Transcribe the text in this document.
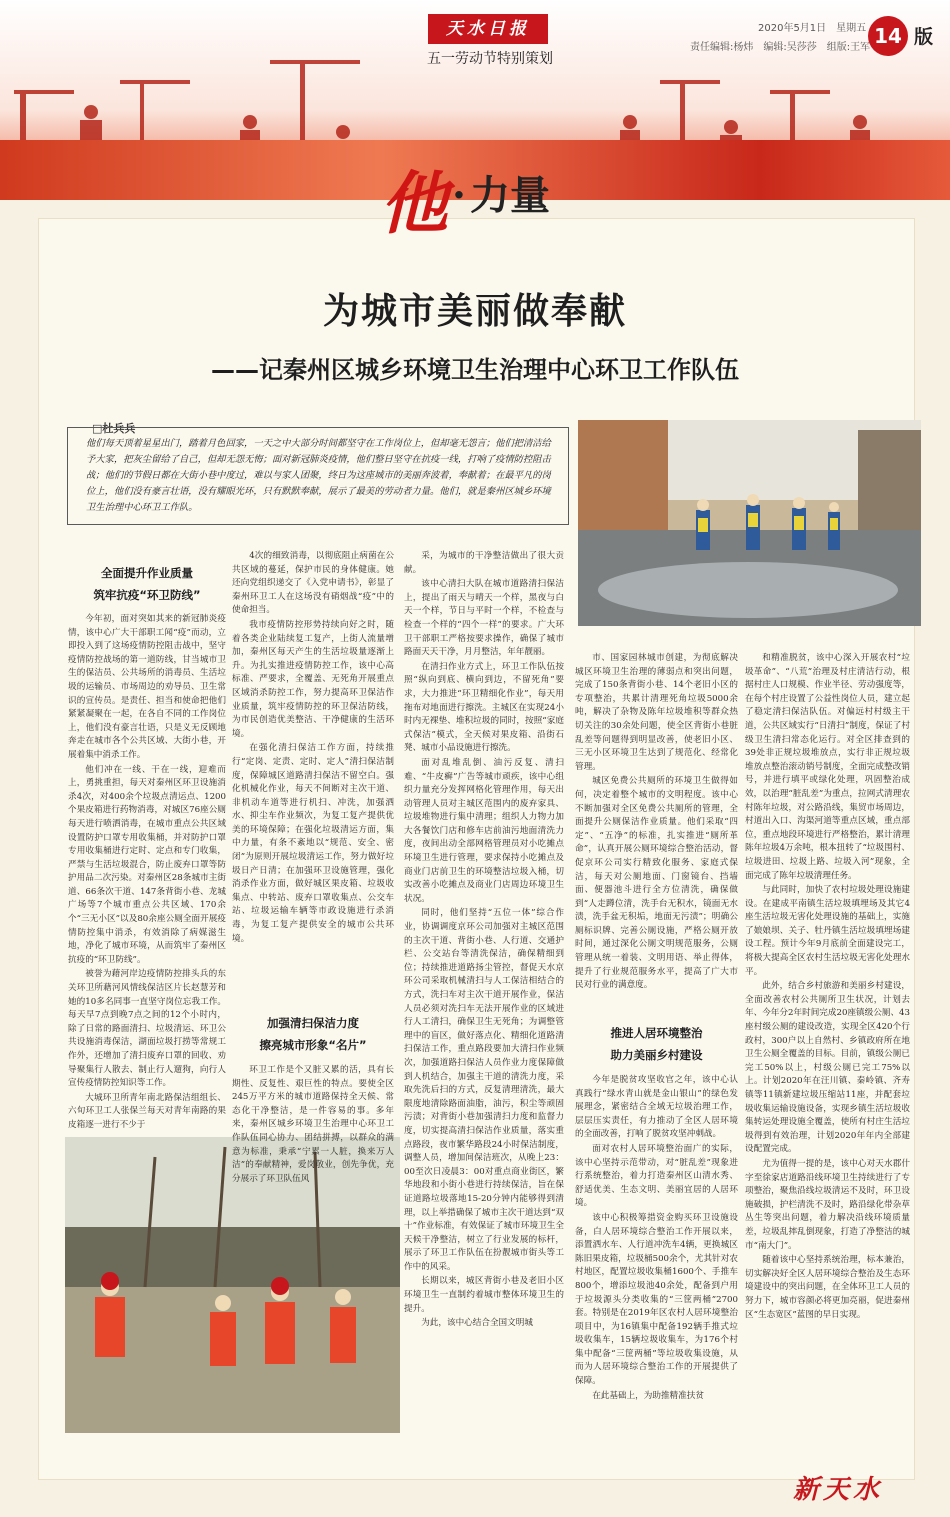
天水日报
五一劳动节特别策划
2020年5月1日　星期五
责任编辑:杨炜　编辑:吴莎莎　组版:王军 14 版
他 · 力量
为城市美丽做奉献
——记秦州区城乡环境卫生治理中心环卫工作队伍
□杜兵兵
他们每天顶着星星出门，踏着月色回家，一天之中大部分时间都坚守在工作岗位上，但却毫无怨言；他们把清洁给予大家，把灰尘留给了自己，但却无怨无悔；面对新冠肺炎疫情，他们整日坚守在抗疫一线，打响了疫情防控阻击战；他们的节假日都在大街小巷中度过，难以与家人团聚，终日为这座城市的美丽奔波着，奉献着；在最平凡的岗位上，他们没有豪言壮语，没有耀眼光环，只有默默奉献，展示了最美的劳动者力量。他们，就是秦州区城乡环境卫生治理中心环卫工作队。
全面提升作业质量
筑牢抗疫“环卫防线”

今年初，面对突如其来的新冠肺炎疫情，该中心广大干部职工闻“疫”而动，立即投入到了这场疫情防控阻击战中，坚守疫情防控战场的第一道防线，甘当城市卫生的保洁员、公共场所的消毒员、生活垃圾的运输员、市场周边的劝导员、卫生常识的宣传员。是责任、担当和使命把他们紧紧凝聚在一起，在各自不同的工作岗位上，他们没有豪言壮语，只是义无反顾地奔走在城市各个公共区域、大街小巷，开展着集中消杀工作。

他们冲在一线、干在一线，迎难而上，勇挑重担，每天对秦州区环卫设施消杀4次，对400余个垃圾点清运点、1200个果皮箱进行药物消毒，对城区76座公厕每天进行喷洒消毒，在城市重点公共区域设置防护口罩专用收集桶，并对防护口罩专用收集桶进行定时、定点和专门收集，严禁与生活垃圾混合，防止废弃口罩等防护用品二次污染。对秦州区28条城市主街道、66条次干道、147条背街小巷、龙城广场等7个城市重点公共区域、170余个“三无小区”以及80余座公厕全面开展疫情防控集中消杀，有效消除了病媒滋生地，净化了城市环境，从而筑牢了秦州区抗疫的“环卫防线”。

被誉为藉河岸边疫情防控排头兵的东关环卫所藉河风情线保洁区片长赵慧芳和她的10多名同事一直坚守岗位忘我工作。每天早7点到晚7点之间的12个小时内，除了日常的路面清扫、垃圾清运、环卫公共设施消毒保洁，湖面垃圾打捞等常规工作外，还增加了清扫废弃口罩的回收、劝导聚集行人散去、制止行人遛狗，向行人宣传疫情防控知识等工作。

大城环卫所青年南北路保洁组组长、六旬环卫工人张保兰每天对青年南路的果皮箱逐一进行不少于

4次的细致消毒，以彻底阻止病菌在公共区域的蔓延，保护市民的身体健康。她还向党组织递交了《入党申请书》，彰显了秦州环卫工人在这场没有硝烟战“疫”中的使命担当。

我市疫情防控形势持续向好之时，随着各类企业陆续复工复产，上街人流量增加，秦州区每天产生的生活垃圾量逐渐上升。为扎实推进疫情防控工作，该中心高标准、严要求，全覆盖、无死角开展重点区域消杀防控工作，努力提高环卫保洁作业质量，筑牢疫情防控的环卫保洁防线，为市民创造优美整洁、干净健康的生活环境。

在强化清扫保洁工作方面，持续推行“定岗、定责、定时、定人”清扫保洁制度，保障城区道路清扫保洁不留空白。强化机械化作业，每天不间断对主次干道、非机动车道等进行机扫、冲洗，加强洒水、抑尘车作业频次，为复工复产提供优美的环境保障；在强化垃圾清运方面，集中力量，有条不紊地以“规范、安全、密闭”为原则开展垃圾清运工作，努力做好垃圾日产日清；在加强环卫设施管理，强化消杀作业方面，做好城区果皮箱、垃圾收集点、中转站、废弃口罩收集点、公交车站、垃圾运输车辆等市政设施进行杀消毒，为复工复产提供安全的城市公共环境。

加强清扫保洁力度
擦亮城市形象“名片”

环卫工作是个又脏又累的活，具有长期性、反复性、艰巨性的特点。要使全区245万平方米的城市道路保持全天候、常态化干净整洁，是一件容易的事。多年来，秦州区城乡环境卫生治理中心环卫工作队伍同心协力、团结拼搏，以群众的满意为标准，秉承“宁累一人脏，换来万人洁”的奉献精神，爱岗敬业，创先争优，充分展示了环卫队伍风

采，为城市的干净整洁做出了很大贡献。

该中心清扫大队在城市道路清扫保洁上，提出了雨天与晴天一个样，黑夜与白天一个样，节日与平时一个样，不检查与检查一个样的“四个一样”的要求。广大环卫干部职工严格按要求操作，确保了城市路面天天干净，月月整洁，年年靓丽。

在清扫作业方式上，环卫工作队伍按照“纵向到底、横向到边，不留死角”要求，大力推进“环卫精细化作业”，每天用拖布对地面进行擦洗。主城区在实现24小时内无裸垫、堆积垃圾的同时，按照“家庭式保洁”模式，全天候对果皮箱、沿街石凳、城市小品设施进行擦洗。

面对乱堆乱倒、油污反复、清扫难、“牛皮癣”广告等城市顽疾，该中心组织力量充分发挥网格化管理作用，每天出动管理人员对主城区范围内的废弃家具、垃圾堆物进行集中清理；组织人力物力加大各餐饮门店和修车店前油污地面清洗力度，夜间出动全部网格管理员对小吃摊点环境卫生进行管理，要求保持小吃摊点及商业门店前卫生的环境整洁垃圾入桶，切实改善小吃摊点及商业门店周边环境卫生状况。

同时，他们坚持“五位一体”综合作业，协调调度京环公司加强对主城区范围的主次干道、背街小巷、人行道、交通护栏、公交站台等清洗保洁，确保精细到位；持续推进道路扬尘管控，督促天水京环公司采取机械清扫与人工保洁相结合的方式，洗扫车对主次干道开展作业，保洁人员必须对洗扫车无法开展作业的区域进行人工清扫，确保卫生无死角；为调整管理中的盲区，做好落点化、精细化道路清扫保洁工作，重点路段要加大清扫作业频次，加强道路扫保洁人员作业力度保障做到人机结合，加强主干道的清洗力度，采取先洗后扫的方式，反复清理清洗，最大限度地清除路面油脂，油污，积尘等顽固污渍；对背街小巷加强清扫力度和监督力度，切实提高清扫保洁作业质量，落实重点路段，夜市繁华路段24小时保洁制度，调整人员，增加间保洁班次，从晚上23：00至次日凌晨3：00对重点商业街区，繁华地段和小街小巷进行持续保洁，旨在保证道路垃圾落地15-20分钟内能够得到清理，以上举措确保了城市主次干道达到“双十”作业标准，有效保证了城市环境卫生全天候干净整洁，树立了行业发展的标杆，展示了环卫工作队伍在扮靓城市街头等工作中的风采。

长期以来，城区背街小巷及老旧小区环境卫生一直制约着城市整体环境卫生的提升。

为此，该中心结合全国文明城

市、国家园林城市创建，为彻底解决城区环境卫生治理的薄弱点和突出问题，完成了150条背街小巷、14个老旧小区的专项整治，共累计清理死角垃圾5000余吨，解决了杂物及陈年垃圾堆积等群众热切关注的30余处问题，使全区背街小巷脏乱差等问题得到明显改善，使老旧小区、三无小区环境卫生达到了规范化、经常化管理。

城区免费公共厕所的环境卫生做得如何，决定着整个城市的文明程度。该中心不断加强对全区免费公共厕所的管理，全面提升公厕保洁作业质量。他们采取“四定”、“五净”的标准，扎实推进“厕所革命”，认真开展公厕环境综合整治活动，督促京环公司实行精致化服务、家庭式保洁，每天对公厕地面、门窗镜台、挡墙面、便器池斗进行全方位清洗，确保做到“人走蹲位清，洗手台无积水，镜面无水渍，洗手盆无积垢，地面无污渍”；明确公厕标识牌、完善公厕设施，严格公厕开放时间，通过深化公厕文明规范服务，公厕管理从统一着装、文明用语、举止得体，提升了行业规范服务水平，提高了广大市民对行业的满意度。

推进人居环境整治
助力美丽乡村建设

今年是脱贫攻坚收官之年，该中心认真践行“绿水青山就是金山银山”的绿色发展理念，紧密结合全域无垃圾治理工作，层层压实责任，有力推动了全区人居环境的全面改善，打响了脱贫攻坚冲刺战。

面对农村人居环境整治面广的实际，该中心坚持示范带动，对“脏乱差”现象进行系统整治，着力打造秦州区山清水秀、舒适优美、生态文明、美丽宜居的人居环境。

该中心积极筹措资金购买环卫设施设备，白人居环境综合整治工作开展以来，添置洒水车、人行道冲洗车4辆，更换城区陈旧果皮箱，垃圾桶500余个，尤其针对农村地区，配置垃圾收集桶1600个、手推车800个，增添垃圾池40余处，配备到户用于垃圾源头分类收集的“三筐两桶”2700套。特别是在2019年区农村人居环境整治项目中，为16镇集中配备192辆手推式垃圾收集车，15辆垃圾收集车，为176个村集中配备“三筐两桶”等垃圾收集设施，从而为人居环境综合整治工作的开展提供了保障。

在此基础上，为助推精准扶贫

和精准脱贫，该中心深入开展农村“垃圾革命”、“八荒”治理及村庄清洁行动，根据村庄人口规模、作业半径、劳动强度等，在每个村庄设置了公益性岗位人员，建立起了稳定清扫保洁队伍。对偏远村村级主干道，公共区域实行“日清扫”制度，保证了村级卫生清扫常态化运行。对全区排查到的39处非正规垃圾堆放点，实行非正规垃圾堆放点整治滚动销号制度，全面完成整改销号，并进行填平或绿化处理，巩固整治成效，以治理“脏乱差”为重点，拉网式清理农村陈年垃圾，对公路沿线，集贸市场周边，村道出入口、沟渠河道等重点区域，重点部位，重点地段环境进行严格整治，累计清理陈年垃圾4万余吨，根本扭转了“垃圾围村、垃圾进田、垃圾上路、垃圾入河”现象，全面完成了陈年垃圾清理任务。

与此同时，加快了农村垃圾处理设施建设。在建成平南镇生活垃圾填埋场及其它4座生活垃圾无害化处理设施的基础上，实施了娘娘坝、关子、牡丹镇生活垃圾填埋场建设工程。预计今年9月底前全面建设完工，将极大提高全区农村生活垃圾无害化处理水平。

此外，结合乡村旅游和美丽乡村建设，全面改善农村公共厕所卫生状况，计划去年、今年分2年时间完成20座镇级公厕、43座村级公厕的建设改造，实现全区420个行政村，300户以上自然村、乡镇政府所在地卫生公厕全覆盖的目标。目前，镇级公厕已完工50%以上，村级公厕已完工75%以上。计划2020年在汪川镇、秦岭镇、齐寿镇等11镇新建垃圾压缩站11座，并配套垃圾收集运输设施设备，实现乡镇生活垃圾收集转运处理设施全覆盖，使所有村庄生活垃圾得到有效治理，计划2020年年内全部建设配置完成。

尤为值得一提的是，该中心对天水郡什字至徐家店道路沿线环境卫生持续进行了专项整治，聚焦沿线垃圾清运不及时，环卫设施破损，护栏清洗不及时，路沿绿化带杂草丛生等突出问题，着力解决沿线环境质量差，垃圾乱摔乱倒现象，打造了净整洁的城市“南大门”。

随着该中心坚持系统治理，标本兼治，切实解决好全区人居环境综合整治及生态环境建设中的突出问题，在全体环卫工人员的努力下，城市容颜必将更加亮丽，促进秦州区“生态宽区”蓝图的早日实现。

新天水
